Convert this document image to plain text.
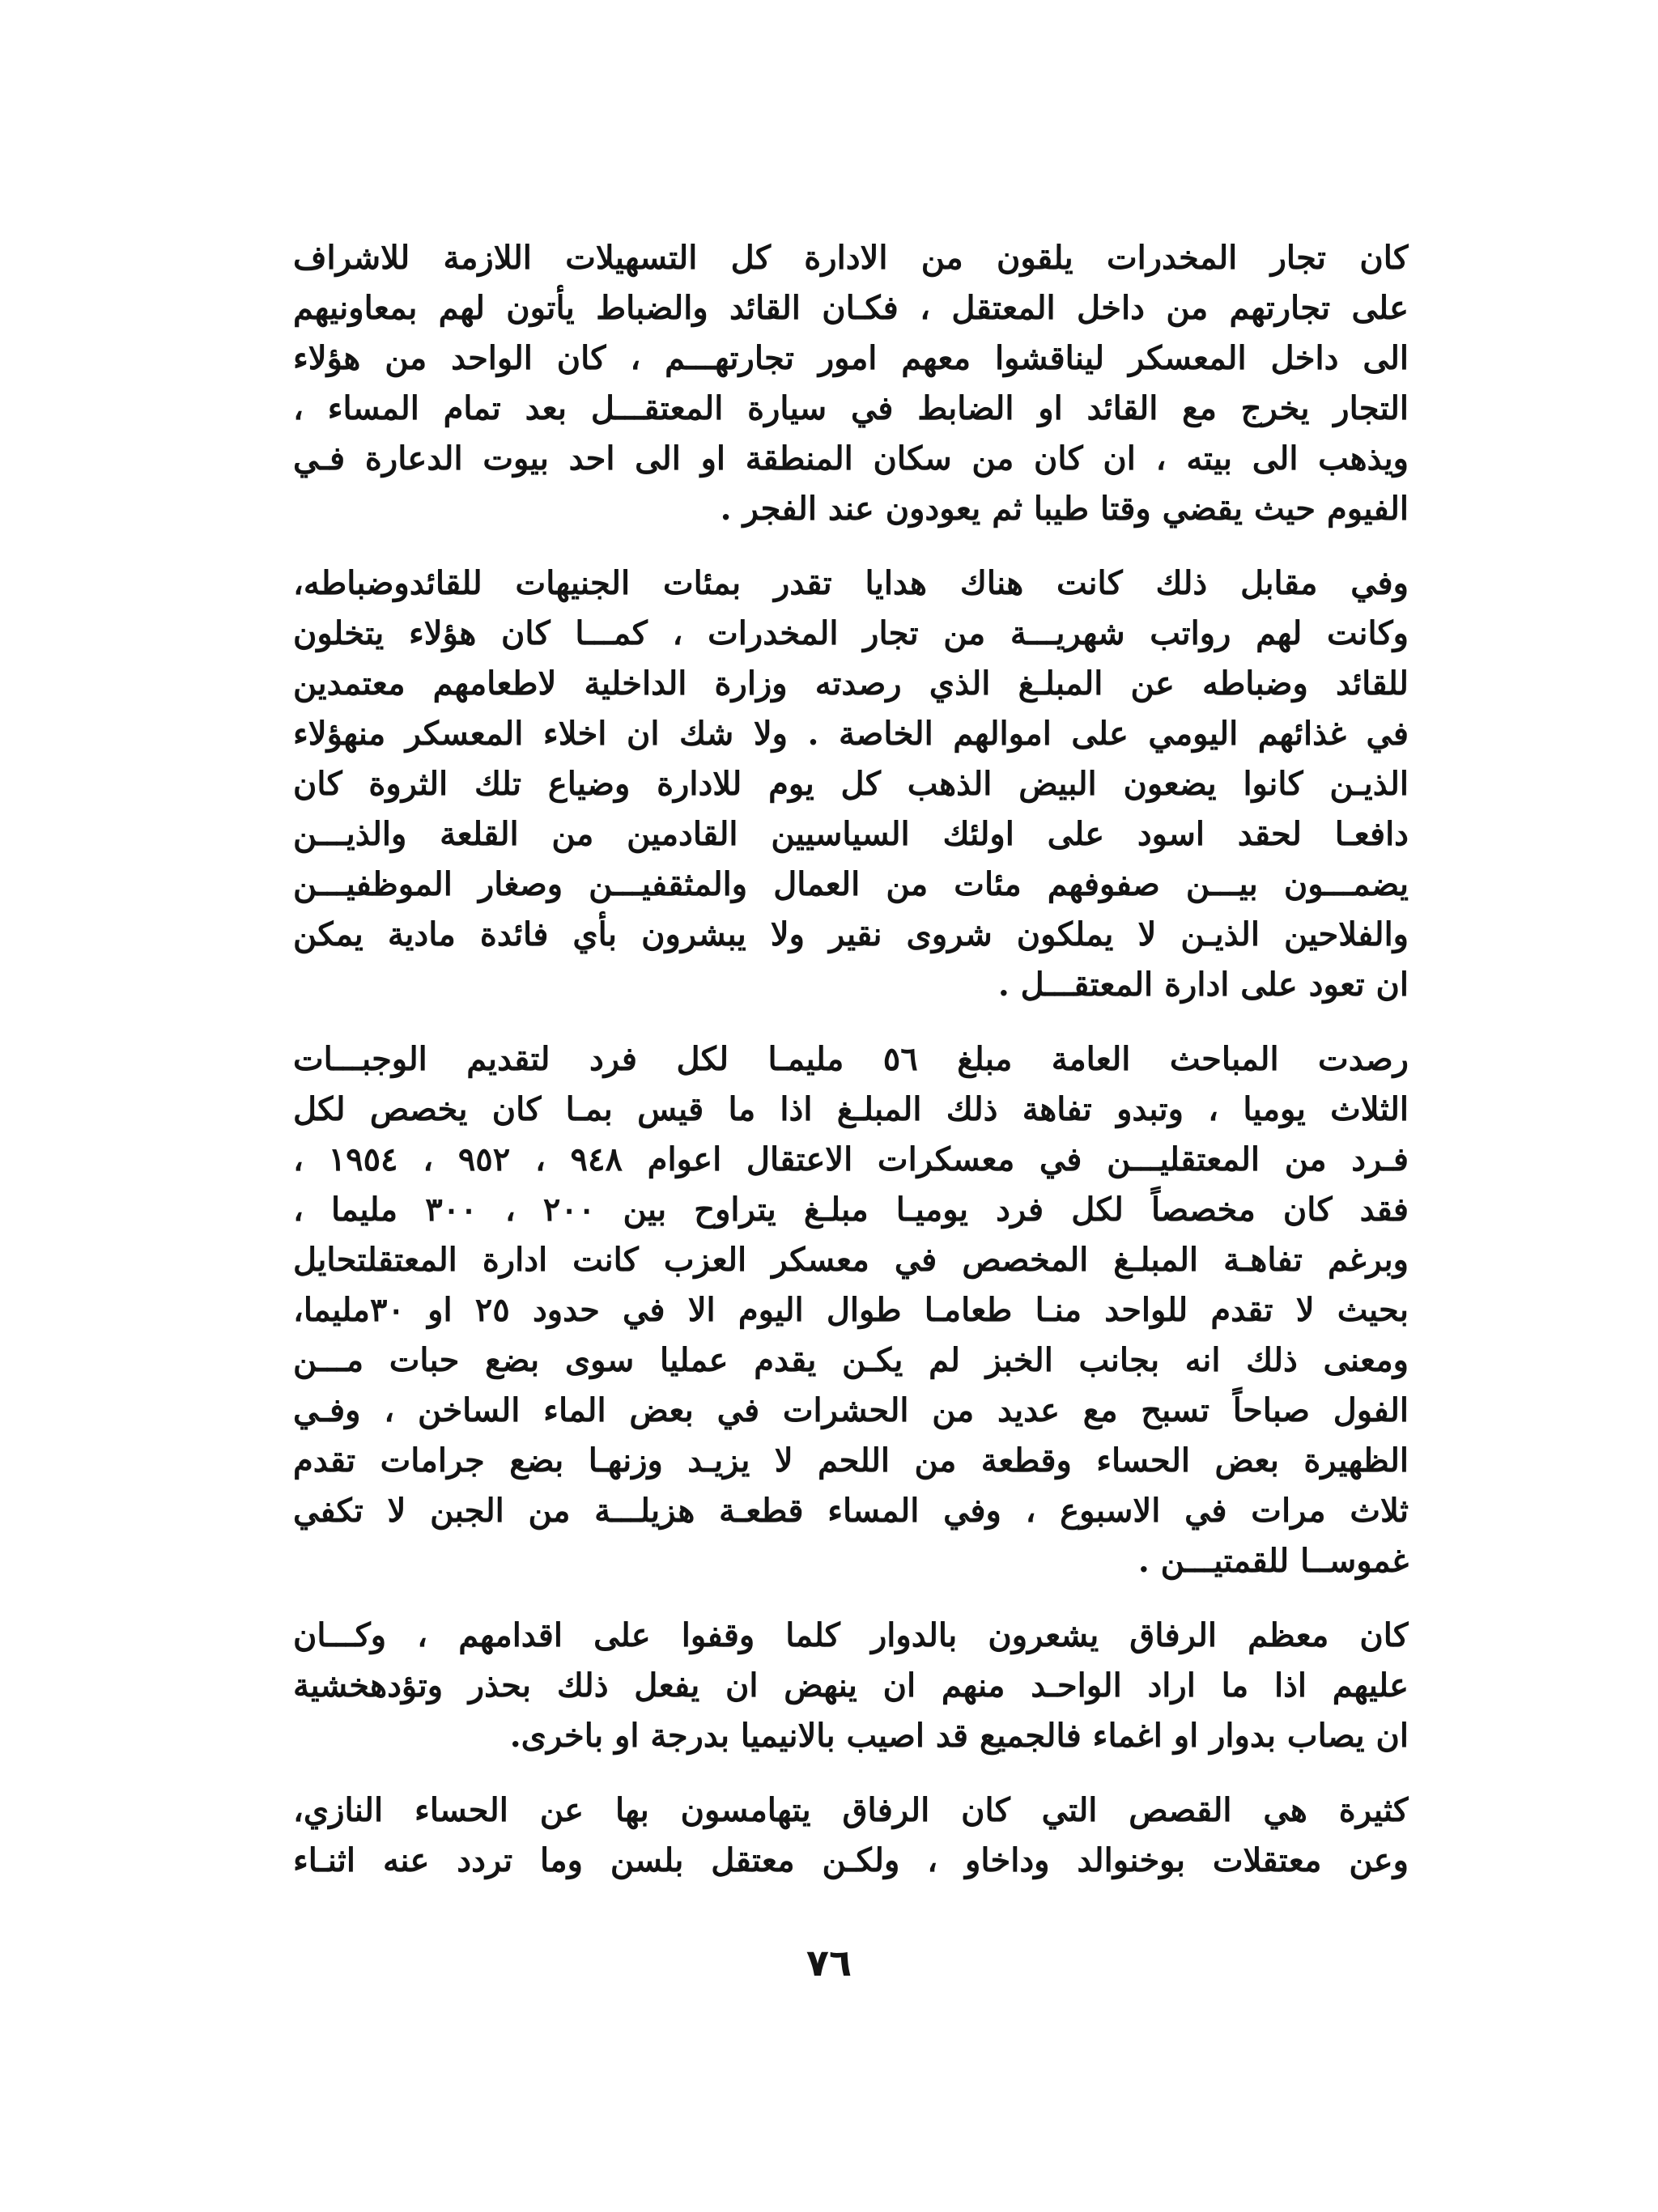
كان تجار المخدرات يلقون من الادارة كل التسهيلات اللازمة للاشراف
على تجارتهم من داخل المعتقل ، فكـان القائد والضباط يأتون لهم بمعاونيهم
الى داخل المعسكر ليناقشوا معهم امور تجارتهـــم ، كان الواحد من هؤلاء
التجار يخرج مع القائد او الضابط في سيارة المعتقـــل بعد تمام المساء ،
ويذهب الى بيته ، ان كان من سكان المنطقة او الى احد بيوت الدعارة فـي
الفيوم حيث يقضي وقتا طيبا ثم يعودون عند الفجر .
وفي مقابل ذلك كانت هناك هدايا تقدر بمئات الجنيهات للقائدوضباطه،
وكانت لهم رواتب شهريـــة من تجار المخدرات ، كمـــا كان هؤلاء يتخلون
للقائد وضباطه عن المبلـغ الذي رصدته وزارة الداخلية لاطعامهم معتمدين
في غذائهم اليومي على اموالهم الخاصة . ولا شك ان اخلاء المعسكر منهؤلاء
الذيـن كانوا يضعون البيض الذهب كل يوم للادارة وضياع تلك الثروة كان
دافعـا لحقد اسود على اولئك السياسيين القادمين من القلعة والذيـــن
يضمـــون بيـــن صفوفهم مئات من العمال والمثقفيـــن وصغار الموظفيـــن
والفلاحين الذيـن لا يملكون شروى نقير ولا يبشرون بأي فائدة مادية يمكن
ان تعود على ادارة المعتقـــل .
رصدت المباحث العامة مبلغ ٥٦ مليمـا لكل فرد لتقديم الوجبـــات
الثلاث يوميا ، وتبدو تفاهة ذلك المبلـغ اذا ما قيس بمـا كان يخصص لكل
فـرد من المعتقليـــن في معسكرات الاعتقال اعوام ٩٤٨ ، ٩٥٢ ، ١٩٥٤ ،
فقد كان مخصصاً لكل فرد يوميـا مبلـغ يتراوح بين ٢٠٠ ، ٣٠٠ مليما ،
وبرغم تفاهـة المبلـغ المخصص في معسكر العزب كانت ادارة المعتقلتحايل
بحيث لا تقدم للواحد منـا طعامـا طوال اليوم الا في حدود ٢٥ او ٣٠مليما،
ومعنى ذلك انه بجانب الخبز لم يكـن يقدم عمليا سوى بضع حبات مـــن
الفول صباحاً تسبح مع عديد من الحشرات في بعض الماء الساخن ، وفـي
الظهيرة بعض الحساء وقطعة من اللحم لا يزيـد وزنهـا بضع جرامات تقدم
ثلاث مرات في الاسبوع ، وفي المساء قطعـة هزيلـــة من الجبن لا تكفي
غموســا للقمتيـــن .
كان معظم الرفاق يشعرون بالدوار كلما وقفوا على اقدامهم ، وكـــان
عليهم اذا ما اراد الواحـد منهم ان ينهض ان يفعل ذلك بحذر وتؤدهخشية
ان يصاب بدوار او اغماء فالجميع قد اصيب بالانيميا بدرجة او باخرى.
كثيرة هي القصص التي كان الرفاق يتهامسون بها عن الحساء النازي،
وعن معتقلات بوخنوالد وداخاو ، ولكـن معتقل بلسن وما تردد عنه اثنـاء
٧٦
